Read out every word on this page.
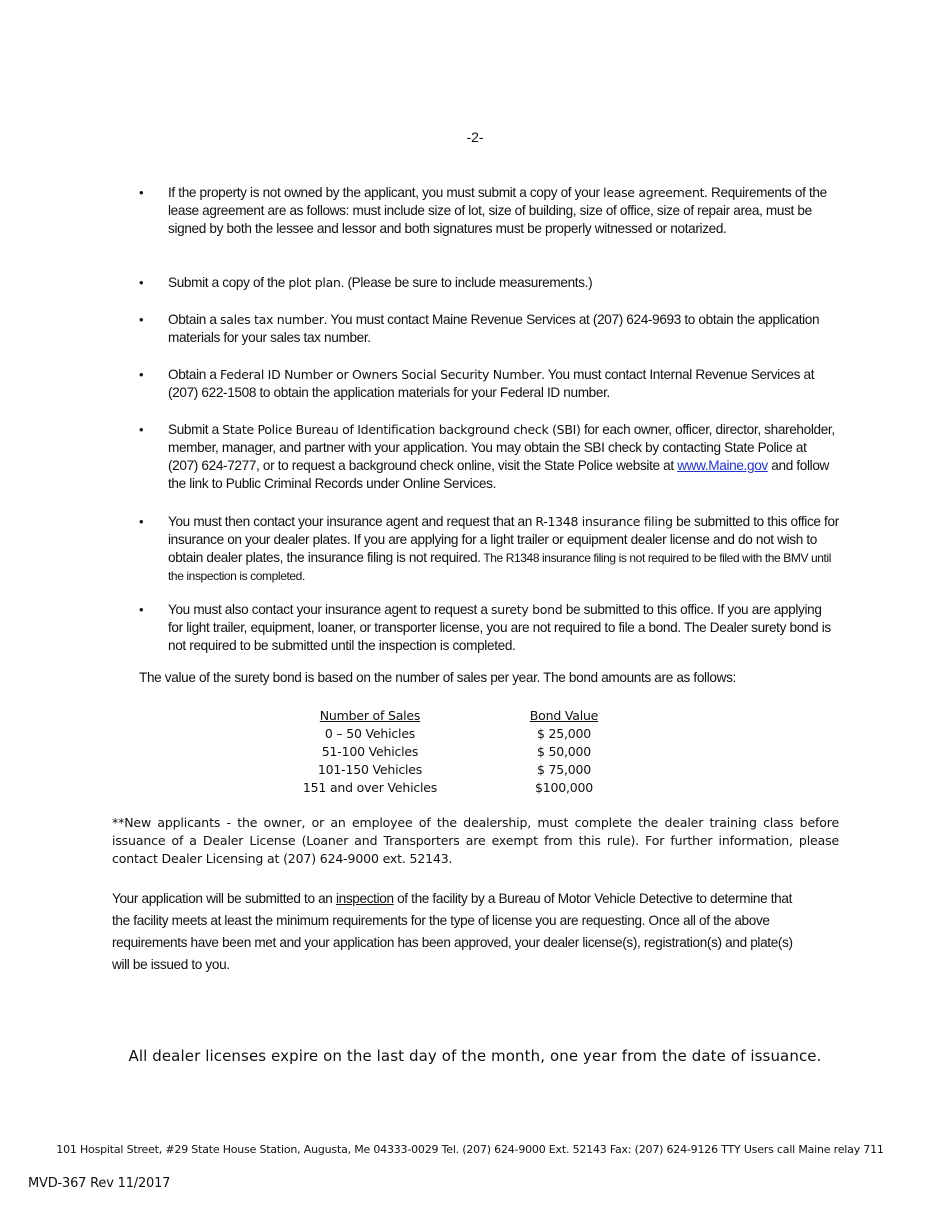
-2-
• If the property is not owned by the applicant, you must submit a copy of your lease agreement. Requirements of the lease agreement are as follows: must include size of lot, size of building, size of office, size of repair area, must be signed by both the lessee and lessor and both signatures must be properly witnessed or notarized.
• Submit a copy of the plot plan. (Please be sure to include measurements.)
• Obtain a sales tax number. You must contact Maine Revenue Services at (207) 624-9693 to obtain the application materials for your sales tax number.
• Obtain a Federal ID Number or Owners Social Security Number. You must contact Internal Revenue Services at (207) 622-1508 to obtain the application materials for your Federal ID number.
• Submit a State Police Bureau of Identification background check (SBI) for each owner, officer, director, shareholder, member, manager, and partner with your application. You may obtain the SBI check by contacting State Police at (207) 624-7277, or to request a background check online, visit the State Police website at www.Maine.gov and follow the link to Public Criminal Records under Online Services.
• You must then contact your insurance agent and request that an R-1348 insurance filing be submitted to this office for insurance on your dealer plates. If you are applying for a light trailer or equipment dealer license and do not wish to obtain dealer plates, the insurance filing is not required. The R1348 insurance filing is not required to be filed with the BMV until the inspection is completed.
• You must also contact your insurance agent to request a surety bond be submitted to this office. If you are applying for light trailer, equipment, loaner, or transporter license, you are not required to file a bond. The Dealer surety bond is not required to be submitted until the inspection is completed.
The value of the surety bond is based on the number of sales per year. The bond amounts are as follows:
Number of Sales	Bond Value
0 – 50 Vehicles	$ 25,000
51-100 Vehicles	$ 50,000
101-150 Vehicles	$ 75,000
151 and over Vehicles	$100,000
**New applicants - the owner, or an employee of the dealership, must complete the dealer training class before issuance of a Dealer License (Loaner and Transporters are exempt from this rule). For further information, please contact Dealer Licensing at (207) 624-9000 ext. 52143.
Your application will be submitted to an inspection of the facility by a Bureau of Motor Vehicle Detective to determine that the facility meets at least the minimum requirements for the type of license you are requesting. Once all of the above requirements have been met and your application has been approved, your dealer license(s), registration(s) and plate(s) will be issued to you.
All dealer licenses expire on the last day of the month, one year from the date of issuance.
101 Hospital Street, #29 State House Station, Augusta, Me 04333-0029 Tel. (207) 624-9000 Ext. 52143 Fax: (207) 624-9126 TTY Users call Maine relay 711
MVD-367 Rev 11/2017
